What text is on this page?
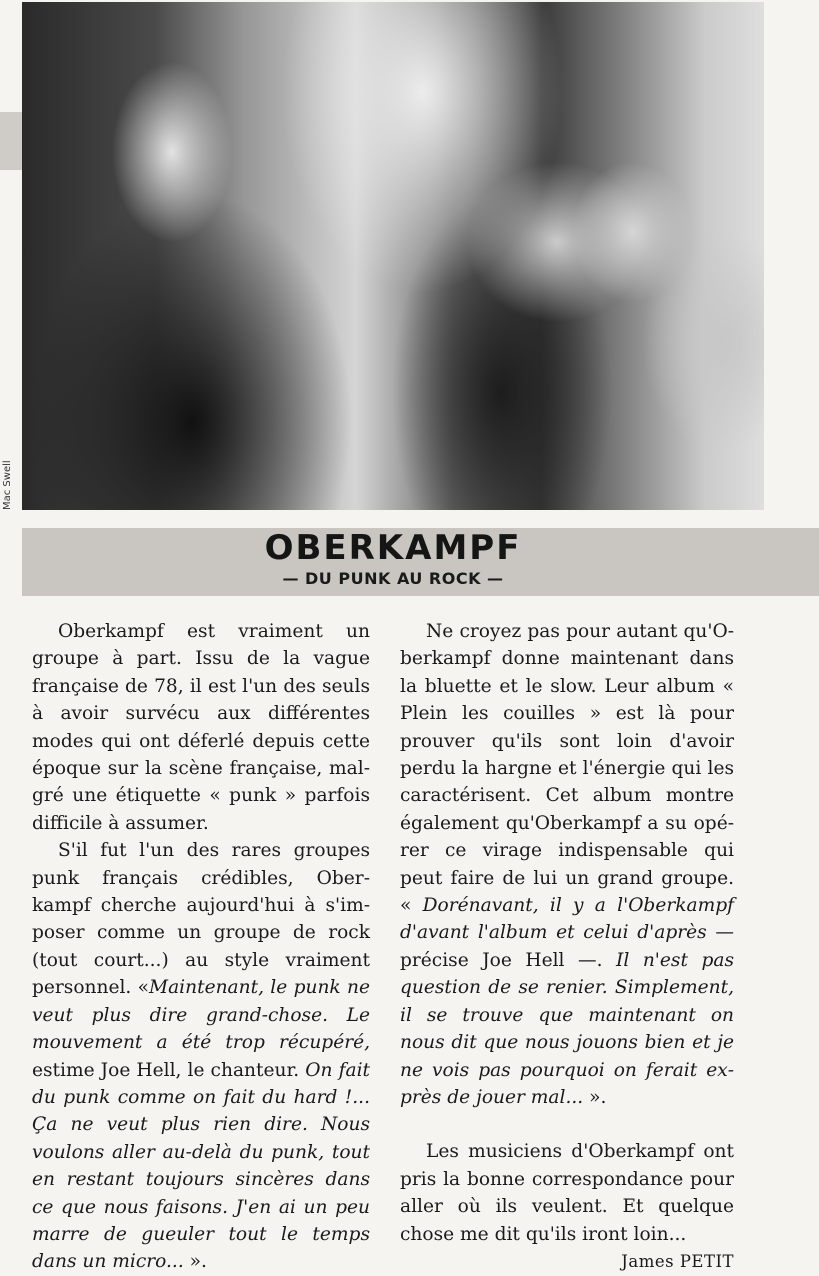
Mac Swell
OBERKAMPF
— DU PUNK AU ROCK —

Oberkampf est vraiment un groupe à part. Issu de la vague française de 78, il est l'un des seuls à avoir survécu aux différentes modes qui ont déferlé depuis cette époque sur la scène française, malgré une étiquette « punk » parfois difficile à assumer.

S'il fut l'un des rares groupes punk français crédibles, Oberkampf cherche aujourd'hui à s'imposer comme un groupe de rock (tout court...) au style vraiment personnel. «Maintenant, le punk ne veut plus dire grand-chose. Le mouvement a été trop récupéré, estime Joe Hell, le chanteur. On fait du punk comme on fait du hard !... Ça ne veut plus rien dire. Nous voulons aller au-delà du punk, tout en restant toujours sincères dans ce que nous faisons. J'en ai un peu marre de gueuler tout le temps dans un micro... ».

Ne croyez pas pour autant qu'Oberkampf donne maintenant dans la bluette et le slow. Leur album « Plein les couilles » est là pour prouver qu'ils sont loin d'avoir perdu la hargne et l'énergie qui les caractérisent. Cet album montre également qu'Oberkampf a su opérer ce virage indispensable qui peut faire de lui un grand groupe. « Dorénavant, il y a l'Oberkampf d'avant l'album et celui d'après — précise Joe Hell —. Il n'est pas question de se renier. Simplement, il se trouve que maintenant on nous dit que nous jouons bien et je ne vois pas pourquoi on ferait exprès de jouer mal... ».

Les musiciens d'Oberkampf ont pris la bonne correspondance pour aller où ils veulent. Et quelque chose me dit qu'ils iront loin...

James PETIT
